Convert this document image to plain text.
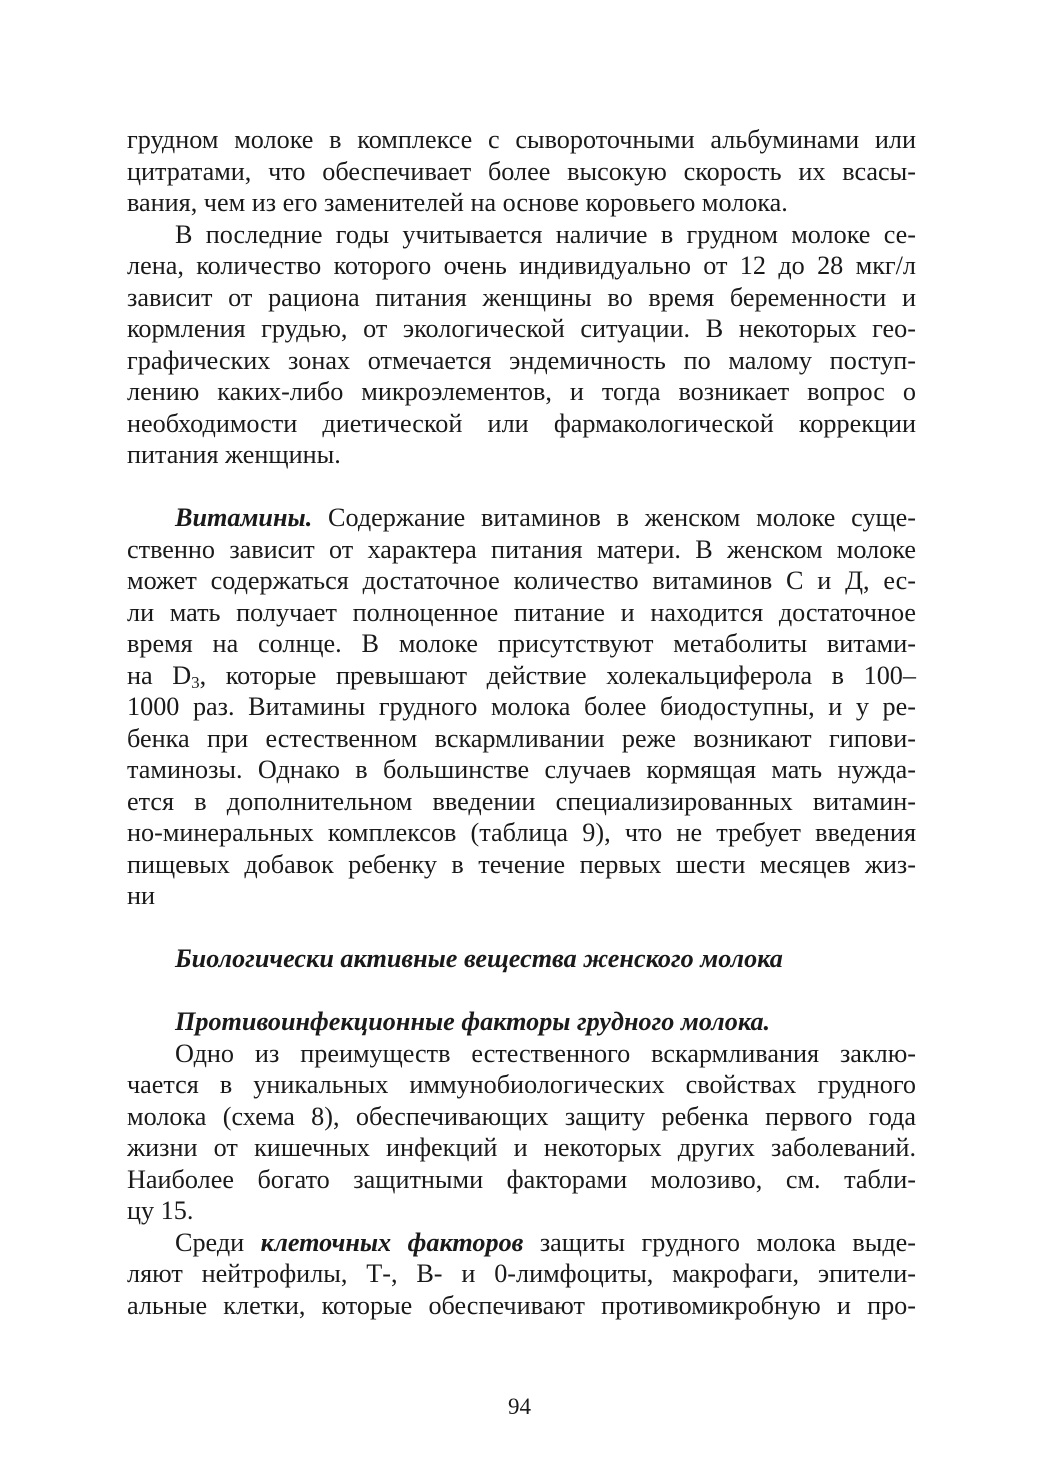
грудном молоке в комплексе с сывороточными альбуминами или
цитратами, что обеспечивает более высокую скорость их всасы-
вания, чем из его заменителей на основе коровьего молока.
В последние годы учитывается наличие в грудном молоке се-
лена, количество которого очень индивидуально от 12 до 28 мкг/л
зависит от рациона питания женщины во время беременности и
кормления грудью, от экологической ситуации. В некоторых гео-
графических зонах отмечается эндемичность по малому поступ-
лению каких-либо микроэлементов, и тогда возникает вопрос о
необходимости диетической или фармакологической коррекции
питания женщины.
Витамины. Содержание витаминов в женском молоке суще-
ственно зависит от характера питания матери. В женском молоке
может содержаться достаточное количество витаминов С и Д, ес-
ли мать получает полноценное питание и находится достаточное
время на солнце. В молоке присутствуют метаболиты витами-
на $D_3$, которые превышают действие холекальциферола в 100–
1000 раз. Витамины грудного молока более биодоступны, и у ре-
бенка при естественном вскармливании реже возникают гипови-
таминозы. Однако в большинстве случаев кормящая мать нужда-
ется в дополнительном введении специализированных витамин-
но-минеральных комплексов (таблица 9), что не требует введения
пищевых добавок ребенку в течение первых шести месяцев жиз-
ни
Биологически активные вещества женского молока
Противоинфекционные факторы грудного молока.
Одно из преимуществ естественного вскармливания заклю-
чается в уникальных иммунобиологических свойствах грудного
молока (схема 8), обеспечивающих защиту ребенка первого года
жизни от кишечных инфекций и некоторых других заболеваний.
Наиболее богато защитными факторами молозиво, см. табли-
цу 15.
Среди клеточных факторов защиты грудного молока выде-
ляют нейтрофилы, Т-, В- и 0-лимфоциты, макрофаги, эпители-
альные клетки, которые обеспечивают противомикробную и про-
94
